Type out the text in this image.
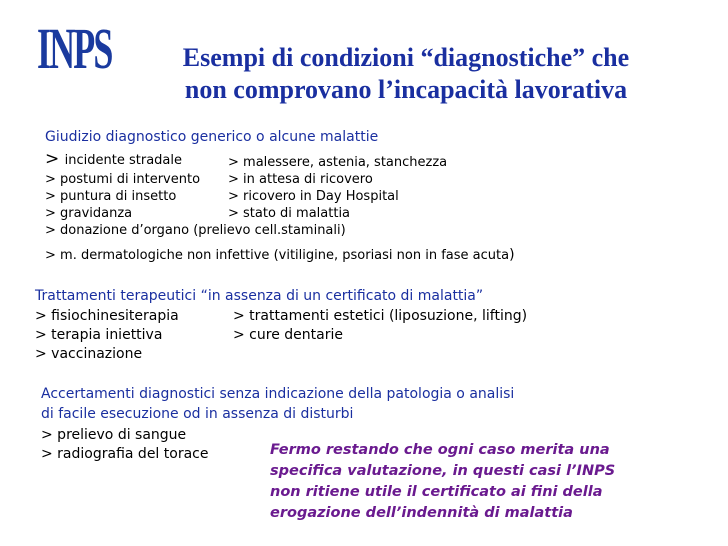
INPS	Esempi di condizioni “diagnostiche” che
non comprovano l’incapacità lavorativa
Giudizio diagnostico generico o alcune malattie
> incidente stradale	> malessere, astenia, stanchezza
> postumi di intervento > in attesa di ricovero
> puntura di insetto	> ricovero in Day Hospital
> gravidanza	> stato di malattia
> donazione d’organo (prelievo cell.staminali)
> m. dermatologiche non infettive (vitiligine, psoriasi non in fase acuta)
Trattamenti terapeutici “in assenza di un certificato di malattia”
> fisiochinesiterapia	> trattamenti estetici (liposuzione, lifting)
> terapia iniettiva	> cure dentarie
> vaccinazione
Accertamenti diagnostici senza indicazione della patologia o analisi
di facile esecuzione od in assenza di disturbi
> prelievo di sangue
> radiografia del torace	Fermo restando che ogni caso merita una
specifica valutazione, in questi casi l’INPS
non ritiene utile il certificato ai fini della
erogazione dell’indennità di malattia
